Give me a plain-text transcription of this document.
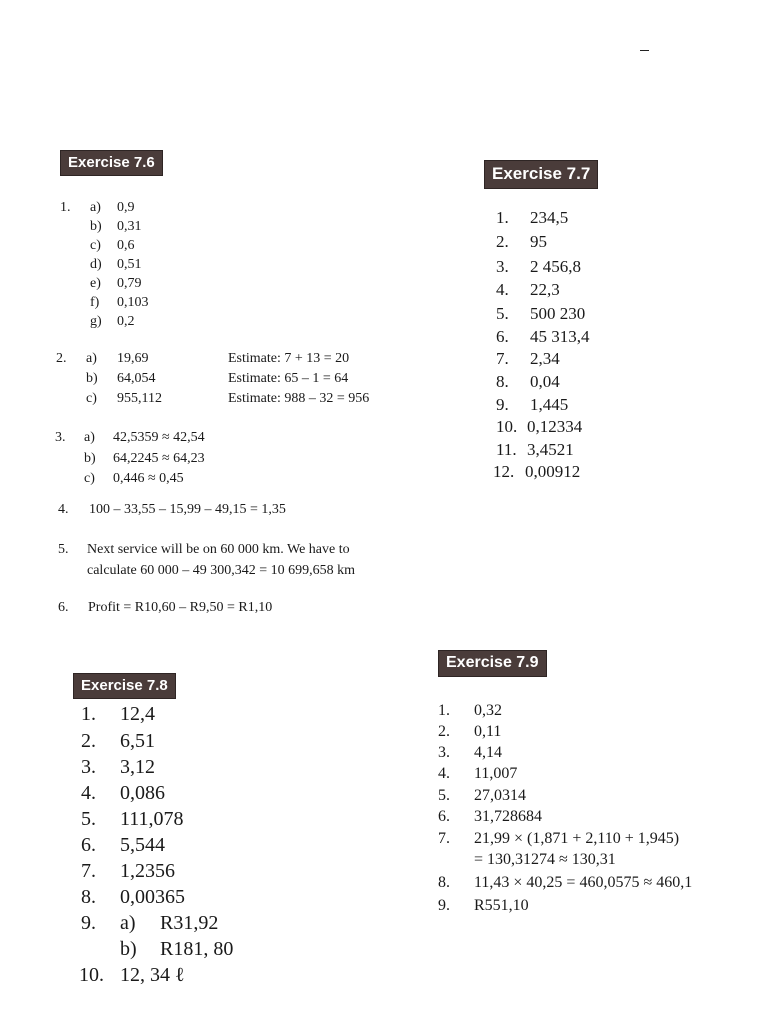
Exercise 7.6
1. a) 0,9
b) 0,31
c) 0,6
d) 0,51
e) 0,79
f) 0,103
g) 0,2
2. a) 19,69	Estimate: 7 + 13 = 20
b) 64,054	Estimate: 65 – 1 = 64
c) 955,112	Estimate: 988 – 32 = 956
3. a) 42,5359 ≈ 42,54
b) 64,2245 ≈ 64,23
c) 0,446 ≈ 0,45
4. 100 – 33,55 – 15,99 – 49,15 = 1,35
5. Next service will be on 60 000 km. We have to
calculate 60 000 – 49 300,342 = 10 699,658 km
6. Profit = R10,60 – R9,50 = R1,10
Exercise 7.7
1. 234,5
2. 95
3. 2 456,8
4. 22,3
5. 500 230
6. 45 313,4
7. 2,34
8. 0,04
9. 1,445
10. 0,12334
11. 3,4521
12. 0,00912
Exercise 7.8
1. 12,4
2. 6,51
3. 3,12
4. 0,086
5. 111,078
6. 5,544
7. 1,2356
8. 0,00365
9. a) R31,92
b) R181, 80
10. 12, 34 ℓ
Exercise 7.9
1. 0,32
2. 0,11
3. 4,14
4. 11,007
5. 27,0314
6. 31,728684
7. 21,99 × (1,871 + 2,110 + 1,945)
= 130,31274 ≈ 130,31
8. 11,43 × 40,25 = 460,0575 ≈ 460,1
9. R551,10
